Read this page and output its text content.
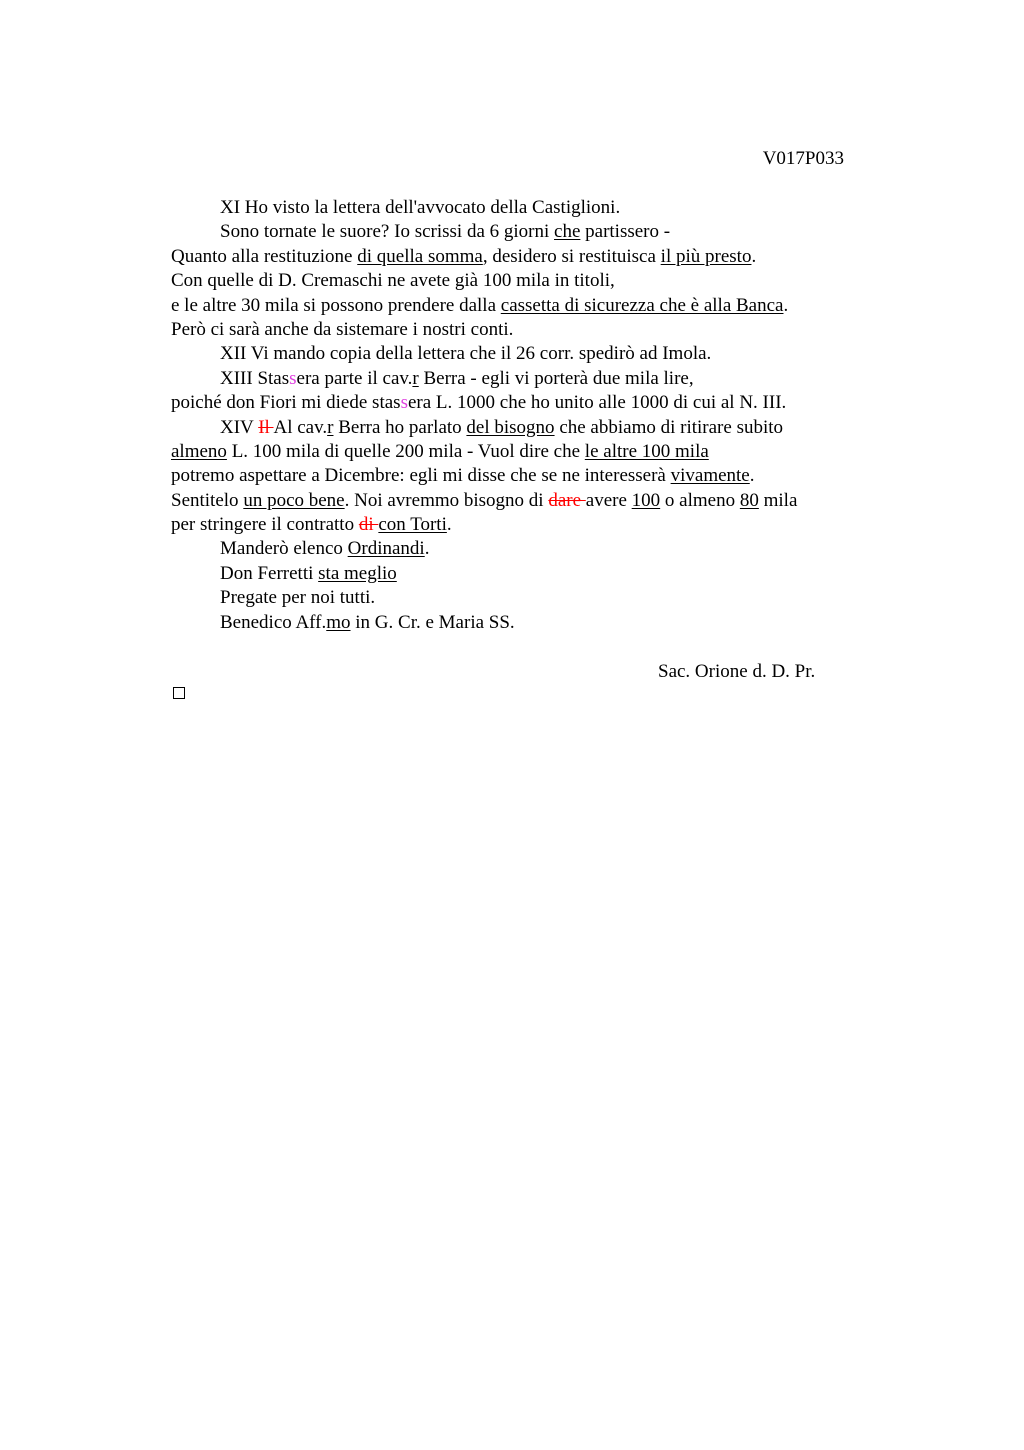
V017P033
XI Ho visto la lettera dell'avvocato della Castiglioni.
Sono tornate le suore? Io scrissi da 6 giorni che partissero -
Quanto alla restituzione di quella somma, desidero si restituisca il più presto.
Con quelle di D. Cremaschi ne avete già 100 mila in titoli,
e le altre 30 mila si possono prendere dalla cassetta di sicurezza che è alla Banca.
Però ci sarà anche da sistemare i nostri conti.
XII Vi mando copia della lettera che il 26 corr. spedirò ad Imola.
XIII Stassera parte il cav.r Berra - egli vi porterà due mila lire,
poiché don Fiori mi diede stassera L. 1000 che ho unito alle 1000 di cui al N. III.
XIV Il Al cav.r Berra ho parlato del bisogno che abbiamo di ritirare subito
almeno L. 100 mila di quelle 200 mila - Vuol dire che le altre 100 mila
potremo aspettare a Dicembre: egli mi disse che se ne interesserà vivamente.
Sentitelo un poco bene. Noi avremmo bisogno di dare avere 100 o almeno 80 mila
per stringere il contratto di con Torti.
Manderò elenco Ordinandi.
Don Ferretti sta meglio
Pregate per noi tutti.
Benedico Aff.mo in G. Cr. e Maria SS.
Sac. Orione d. D. Pr.
